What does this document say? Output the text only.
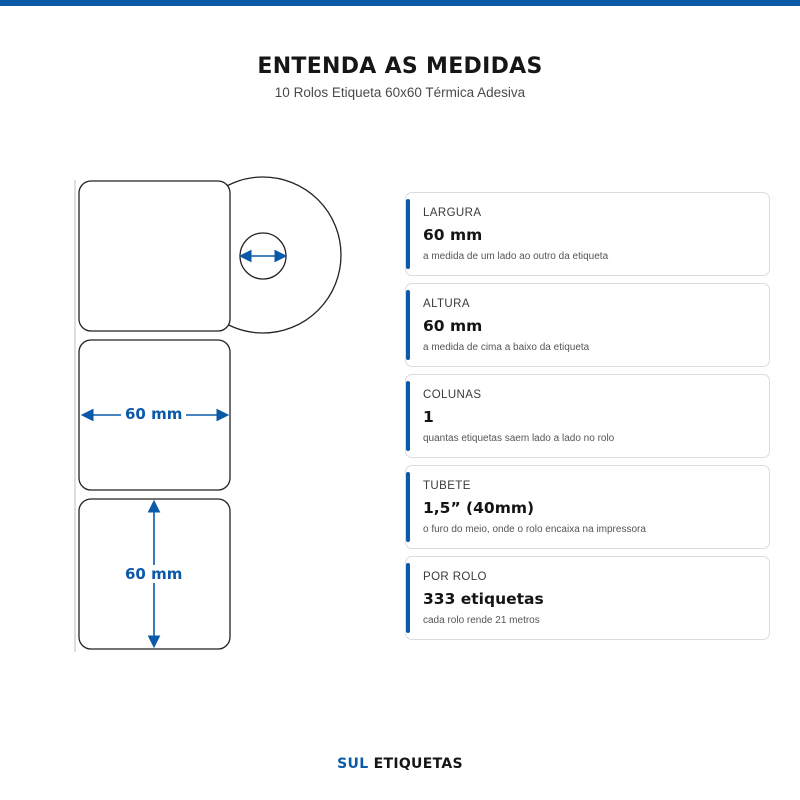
ENTENDA AS MEDIDAS
10 Rolos Etiqueta 60x60 Térmica Adesiva
60 mm
60 mm
LARGURA
60 mm
a medida de um lado ao outro da etiqueta
ALTURA
60 mm
a medida de cima a baixo da etiqueta
COLUNAS
1
quantas etiquetas saem lado a lado no rolo
TUBETE
1,5” (40mm)
o furo do meio, onde o rolo encaixa na impressora
POR ROLO
333 etiquetas
cada rolo rende 21 metros
SUL ETIQUETAS
